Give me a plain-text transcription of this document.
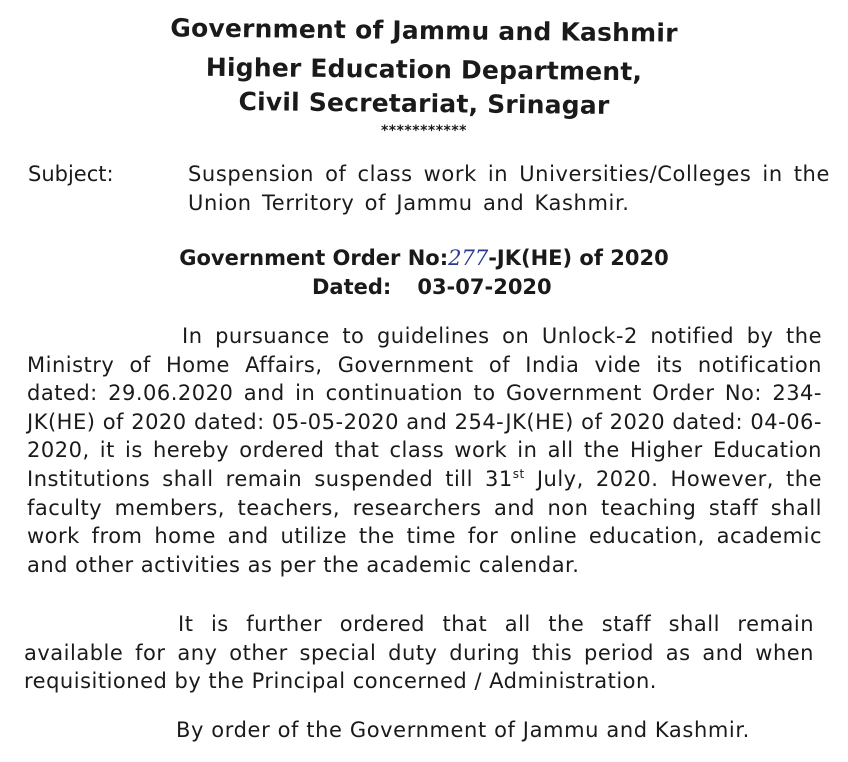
Government of Jammu and Kashmir
Higher Education Department,
Civil Secretariat, Srinagar
***********
Subject:	Suspension of class work in Universities/Colleges in the Union Territory of Jammu and Kashmir.
Government Order No:277-JK(HE) of 2020
Dated: 03-07-2020
In pursuance to guidelines on Unlock-2 notified by the Ministry of Home Affairs, Government of India vide its notification dated: 29.06.2020 and in continuation to Government Order No: 234-JK(HE) of 2020 dated: 05-05-2020 and 254-JK(HE) of 2020 dated: 04-06-2020, it is hereby ordered that class work in all the Higher Education Institutions shall remain suspended till 31st July, 2020. However, the faculty members, teachers, researchers and non teaching staff shall work from home and utilize the time for online education, academic and other activities as per the academic calendar.
It is further ordered that all the staff shall remain available for any other special duty during this period as and when requisitioned by the Principal concerned / Administration.
By order of the Government of Jammu and Kashmir.
